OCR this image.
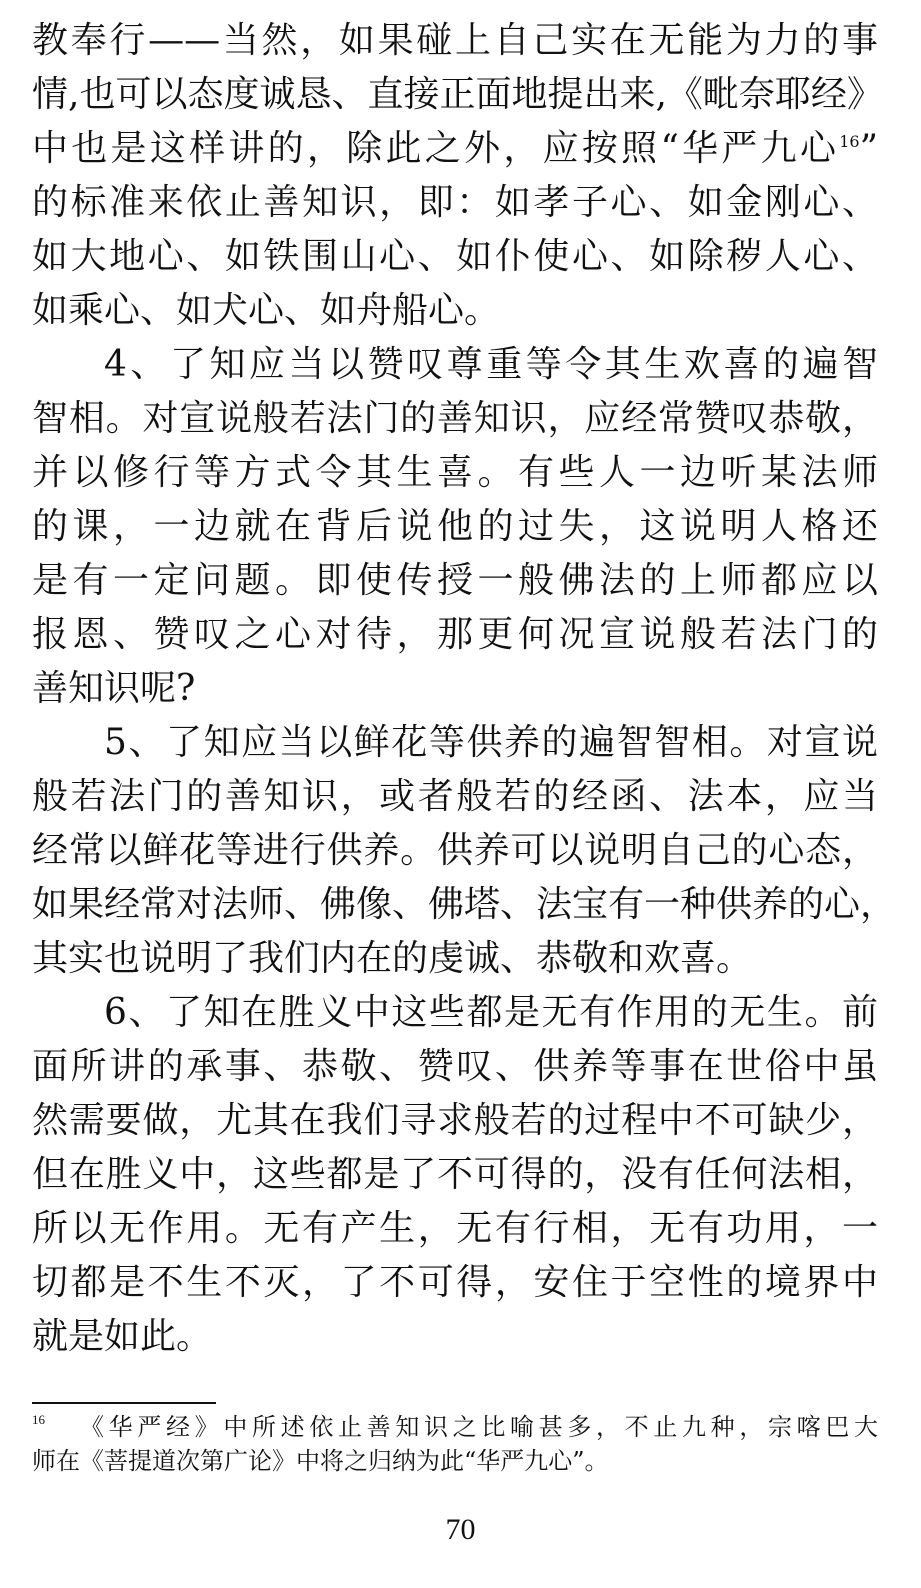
教奉行——当然，如果碰上自己实在无能为力的事
情,也可以态度诚恳、直接正面地提出来,《毗奈耶经》
中也是这样讲的，除此之外，应按照“华严九心$^{16}$”
的标准来依止善知识，即：如孝子心、如金刚心、
如大地心、如铁围山心、如仆使心、如除秽人心、
如乘心、如犬心、如舟船心。
4、了知应当以赞叹尊重等令其生欢喜的遍智
智相。对宣说般若法门的善知识，应经常赞叹恭敬，
并以修行等方式令其生喜。有些人一边听某法师
的课，一边就在背后说他的过失，这说明人格还
是有一定问题。即使传授一般佛法的上师都应以
报恩、赞叹之心对待，那更何况宣说般若法门的
善知识呢?
5、了知应当以鲜花等供养的遍智智相。对宣说
般若法门的善知识，或者般若的经函、法本，应当
经常以鲜花等进行供养。供养可以说明自己的心态，
如果经常对法师、佛像、佛塔、法宝有一种供养的心，
其实也说明了我们内在的虔诚、恭敬和欢喜。
6、了知在胜义中这些都是无有作用的无生。前
面所讲的承事、恭敬、赞叹、供养等事在世俗中虽
然需要做，尤其在我们寻求般若的过程中不可缺少，
但在胜义中，这些都是了不可得的，没有任何法相，
所以无作用。无有产生，无有行相，无有功用，一
切都是不生不灭，了不可得，安住于空性的境界中
就是如此。
16 《华严经》中所述依止善知识之比喻甚多，不止九种，宗喀巴大
师在《菩提道次第广论》中将之归纳为此“华严九心”。
70
